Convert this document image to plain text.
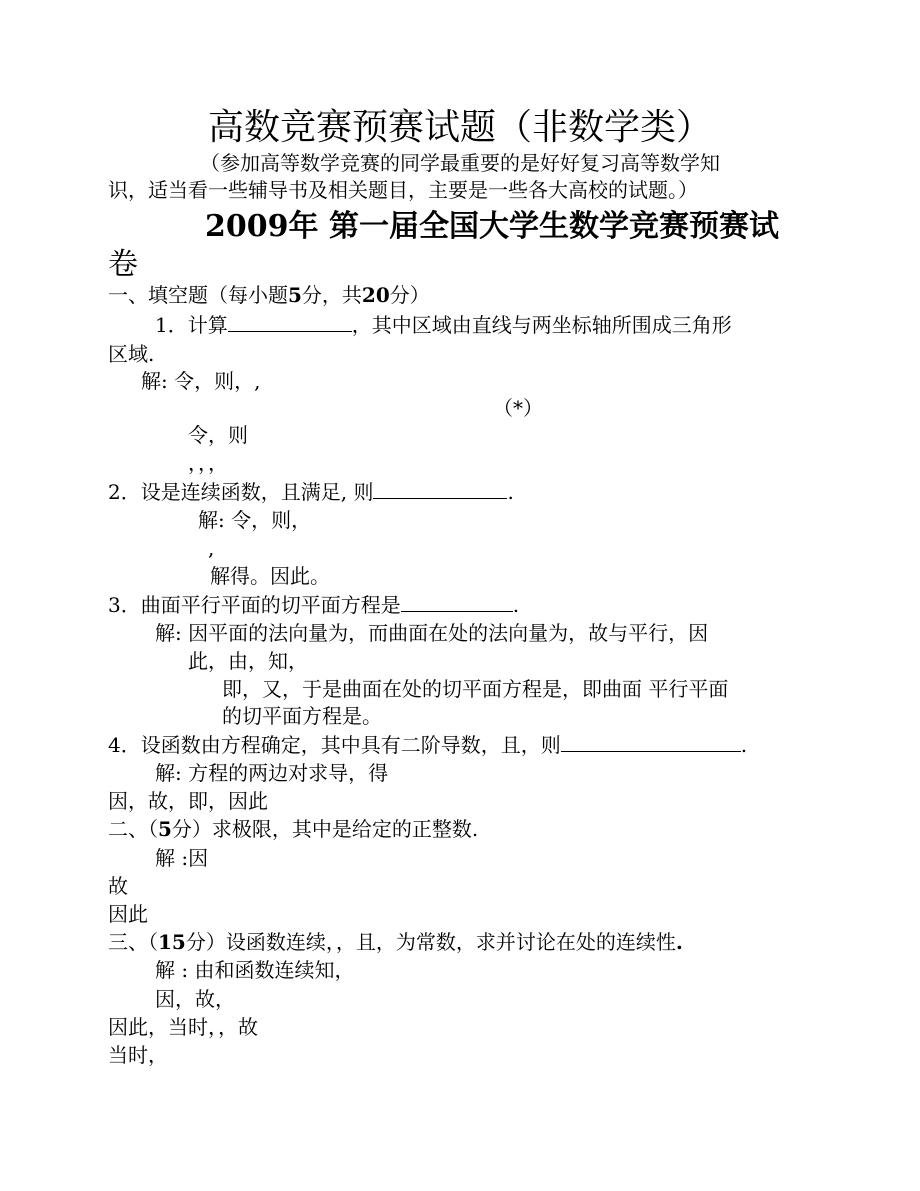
高数竞赛预赛试题（非数学类）
（参加高等数学竞赛的同学最重要的是好好复习高等数学知
识，适当看一些辅导书及相关题目，主要是一些各大高校的试题。）
2009年 第一届全国大学生数学竞赛预赛试
卷
一、填空题（每小题5分，共20分）
1．计算	，其中区域由直线与两坐标轴所围成三角形
区域.
解: 令，则，,
（*）
令，则
，，，
2．设是连续函数，且满足, 则	.
解: 令，则，
,
解得。因此。
3．曲面平行平面的切平面方程是	.
解: 因平面的法向量为，而曲面在处的法向量为，故与平行，因
此，由，知，
即，又，于是曲面在处的切平面方程是，即曲面 平行平面
的切平面方程是。
4．设函数由方程确定，其中具有二阶导数，且，则	.
解: 方程的两边对求导，得
因，故，即，因此
二、（5分）求极限，其中是给定的正整数.
解 :因
故
因此
三、（15分）设函数连续，，且，为常数，求并讨论在处的连续性.
解 : 由和函数连续知，
因，故，
因此，当时，，故
当时，
